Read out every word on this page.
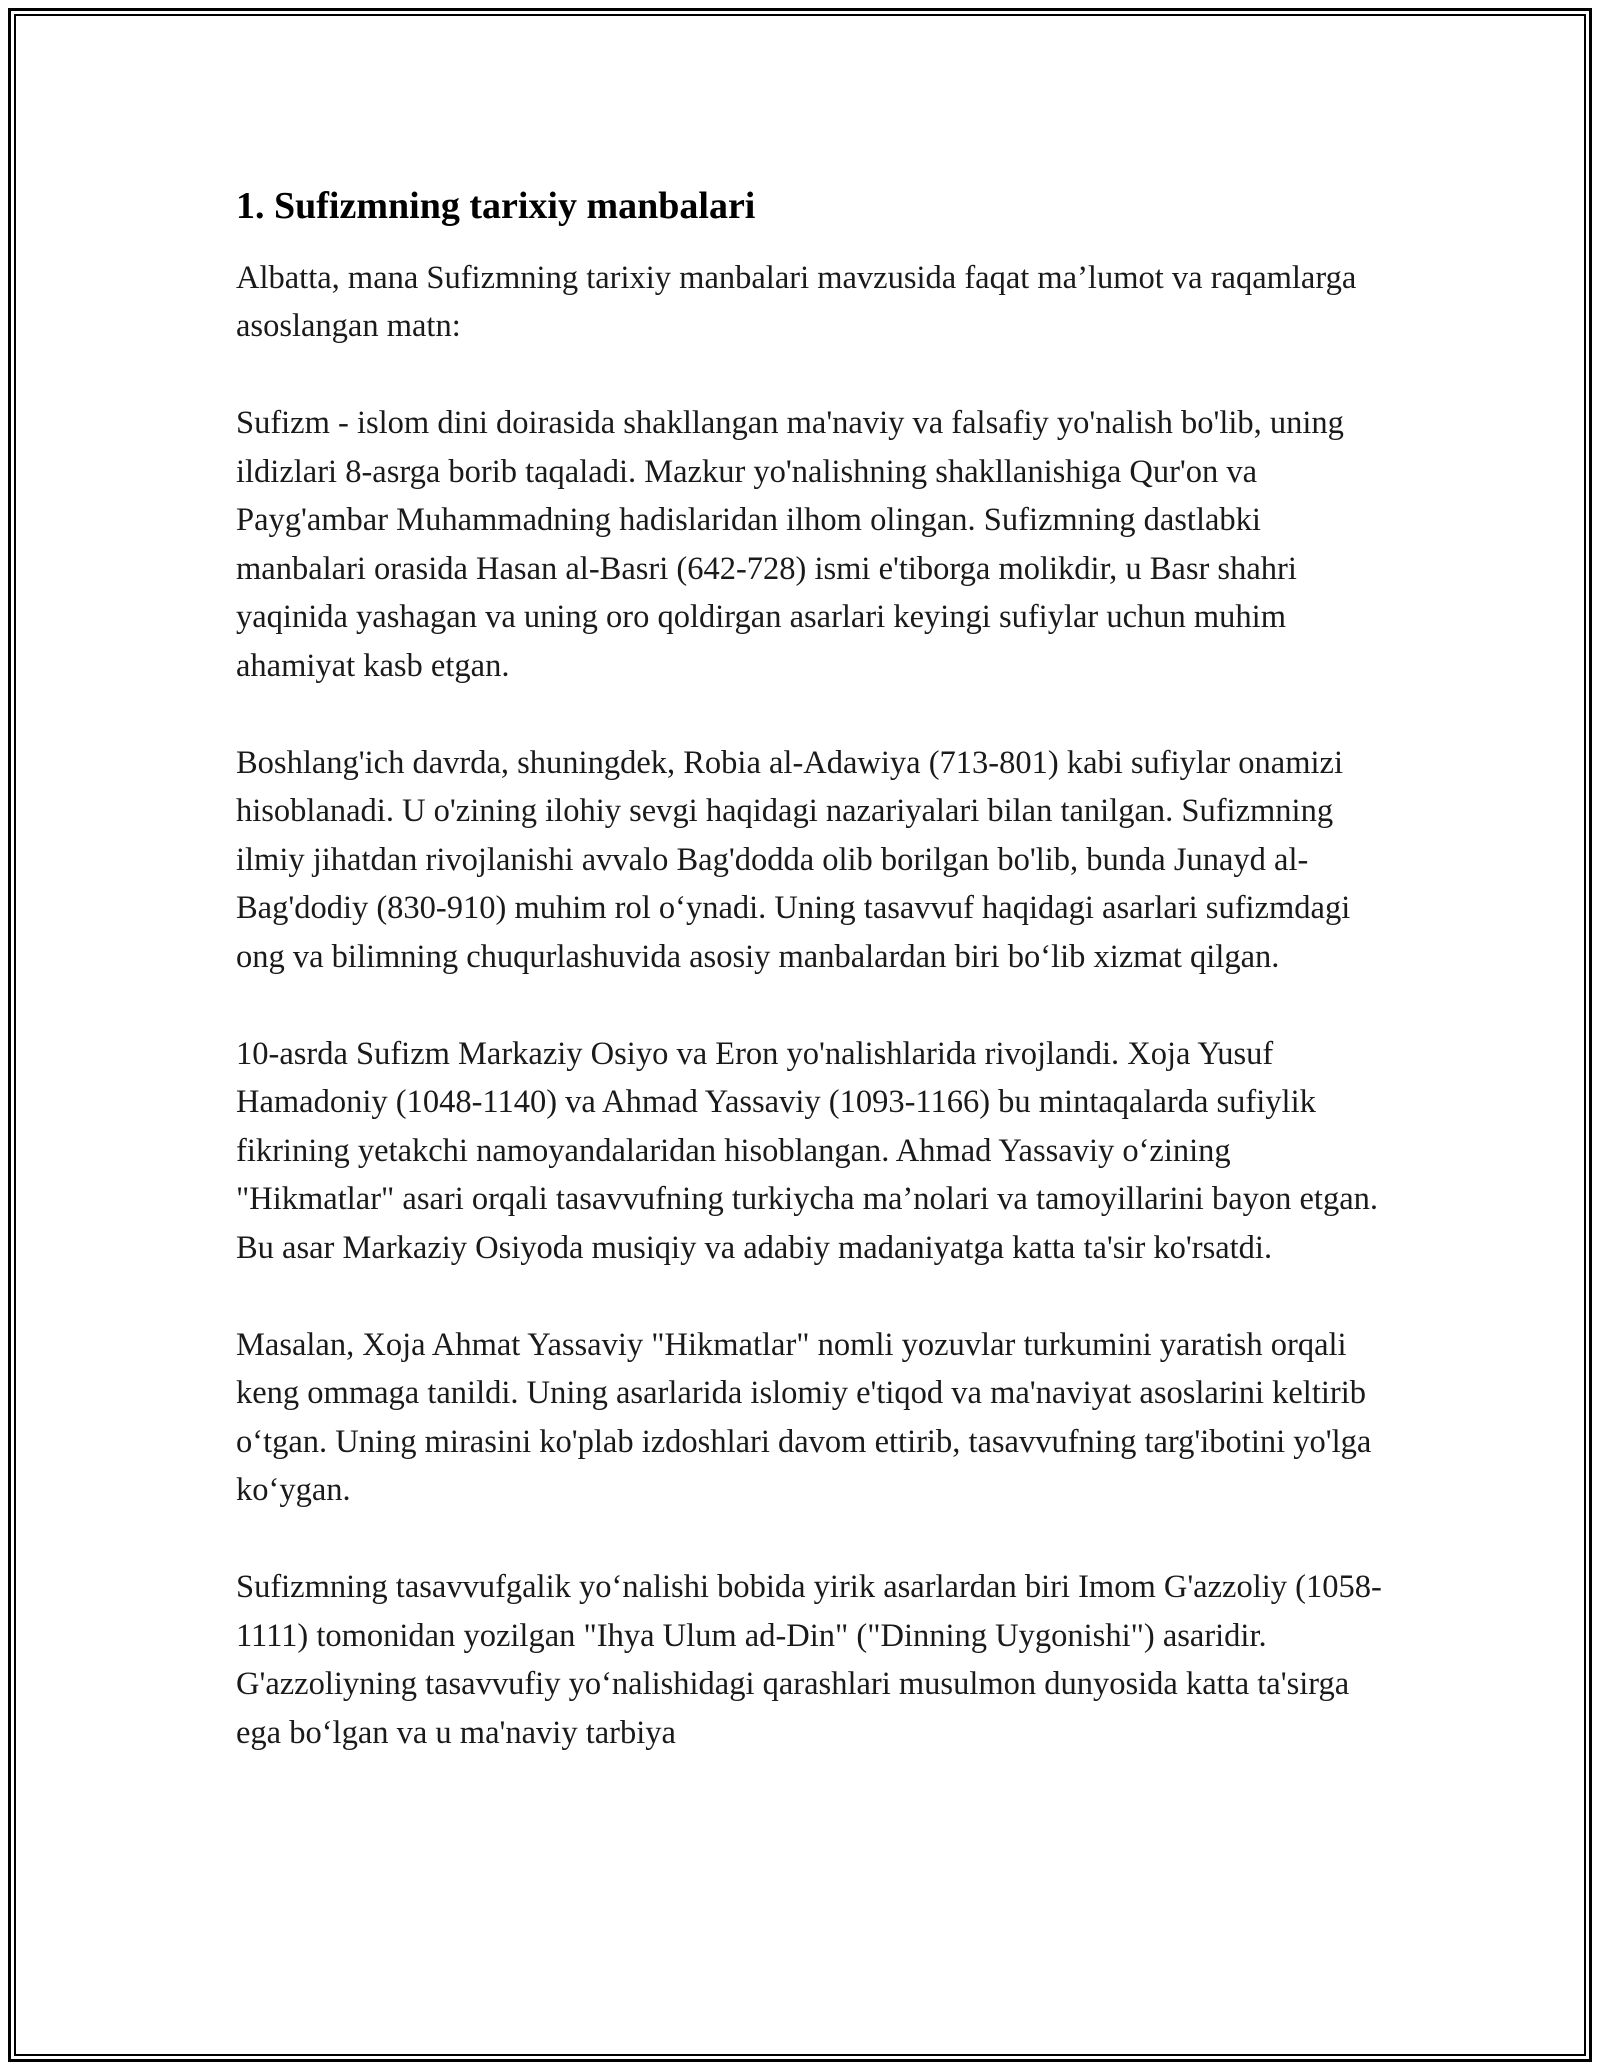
1. Sufizmning tarixiy manbalari

Albatta, mana Sufizmning tarixiy manbalari mavzusida faqat ma’lumot va raqamlarga asoslangan matn:

Sufizm - islom dini doirasida shakllangan ma'naviy va falsafiy yo'nalish bo'lib, uning ildizlari 8-asrga borib taqaladi. Mazkur yo'nalishning shakllanishiga Qur'on va Payg'ambar Muhammadning hadislaridan ilhom olingan. Sufizmning dastlabki manbalari orasida Hasan al-Basri (642-728) ismi e'tiborga molikdir, u Basr shahri yaqinida yashagan va uning oro qoldirgan asarlari keyingi sufiylar uchun muhim ahamiyat kasb etgan.

Boshlang'ich davrda, shuningdek, Robia al-Adawiya (713-801) kabi sufiylar onamizi hisoblanadi. U o'zining ilohiy sevgi haqidagi nazariyalari bilan tanilgan. Sufizmning ilmiy jihatdan rivojlanishi avvalo Bag'dodda olib borilgan bo'lib, bunda Junayd al-Bag'dodiy (830-910) muhim rol o‘ynadi. Uning tasavvuf haqidagi asarlari sufizmdagi ong va bilimning chuqurlashuvida asosiy manbalardan biri bo‘lib xizmat qilgan.

10-asrda Sufizm Markaziy Osiyo va Eron yo'nalishlarida rivojlandi. Xoja Yusuf Hamadoniy (1048-1140) va Ahmad Yassaviy (1093-1166) bu mintaqalarda sufiylik fikrining yetakchi namoyandalaridan hisoblangan. Ahmad Yassaviy o‘zining "Hikmatlar" asari orqali tasavvufning turkiycha ma’nolari va tamoyillarini bayon etgan. Bu asar Markaziy Osiyoda musiqiy va adabiy madaniyatga katta ta'sir ko'rsatdi.

Masalan, Xoja Ahmat Yassaviy "Hikmatlar" nomli yozuvlar turkumini yaratish orqali keng ommaga tanildi. Uning asarlarida islomiy e'tiqod va ma'naviyat asoslarini keltirib o‘tgan. Uning mirasini ko'plab izdoshlari davom ettirib, tasavvufning targ'ibotini yo'lga ko‘ygan.

Sufizmning tasavvufgalik yo‘nalishi bobida yirik asarlardan biri Imom G'azzoliy (1058-1111) tomonidan yozilgan "Ihya Ulum ad-Din" ("Dinning Uygonishi") asaridir. G'azzoliyning tasavvufiy yo‘nalishidagi qarashlari musulmon dunyosida katta ta'sirga ega bo‘lgan va u ma'naviy tarbiya
